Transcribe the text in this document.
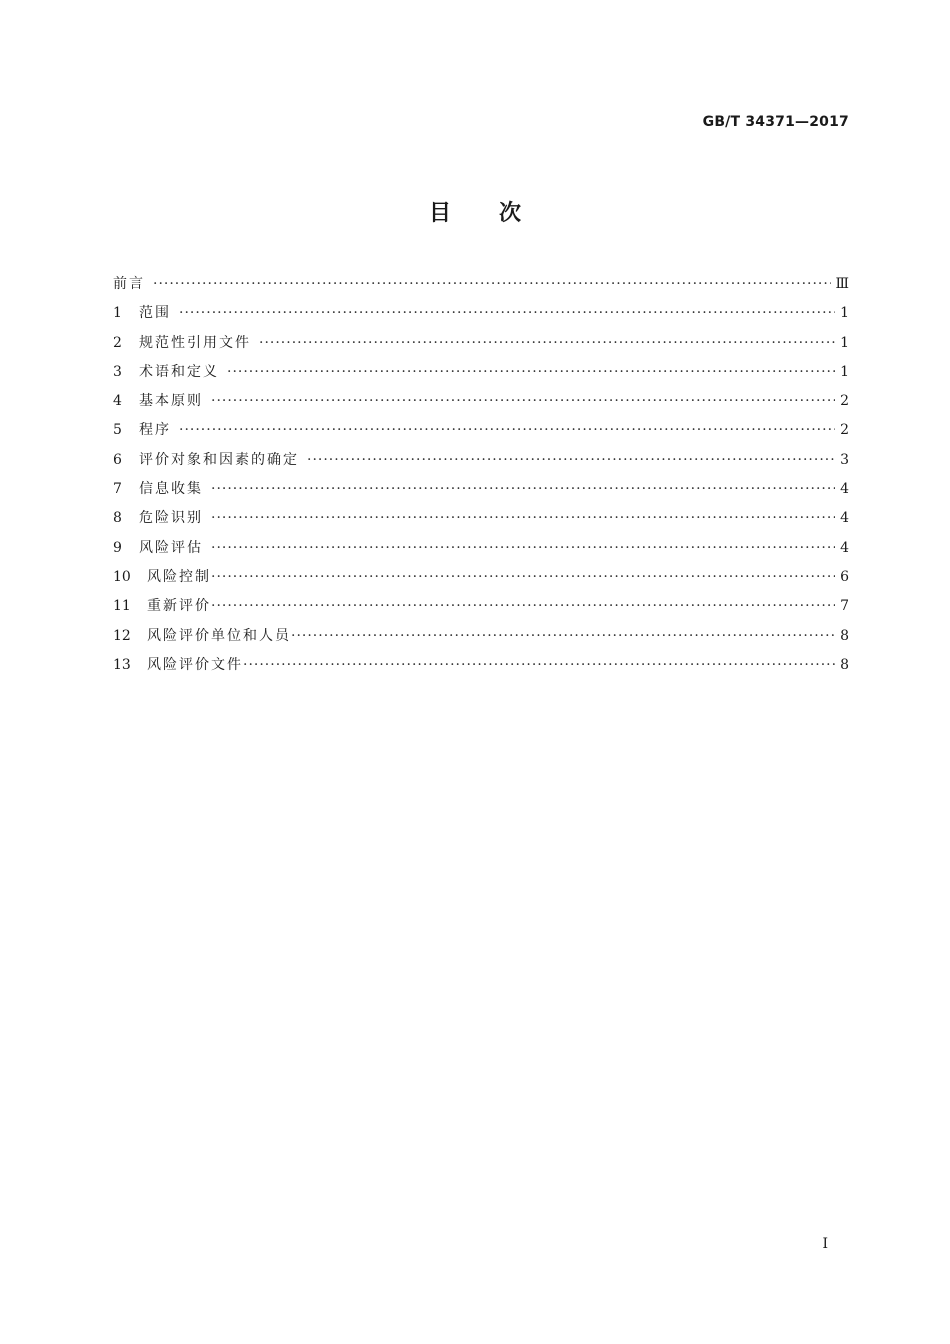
GB/T 34371—2017
目次
前言 ·····	Ⅲ
1	范围 ·····	1
2	规范性引用文件 ·····	1
3	术语和定义 ·····	1
4	基本原则 ·····	2
5	程序 ·····	2
6	评价对象和因素的确定 ·····	3
7	信息收集 ·····	4
8	危险识别 ·····	4
9	风险评估 ·····	4
10	风险控制 ·····	6
11	重新评价 ·····	7
12	风险评价单位和人员 ·····	8
13	风险评价文件 ·····	8
I
